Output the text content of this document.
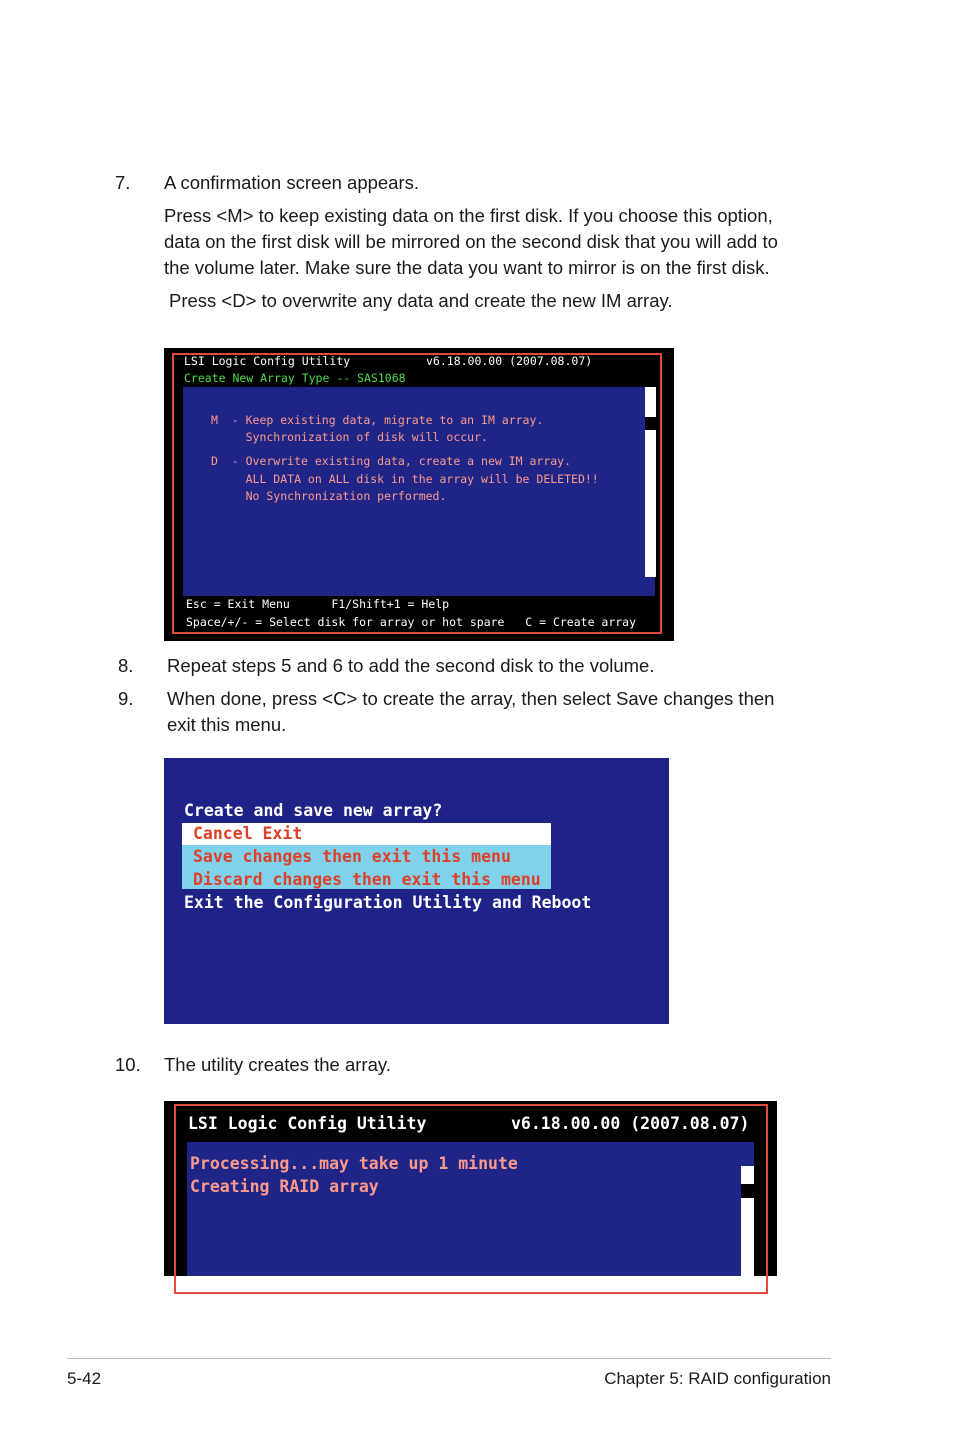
7. A confirmation screen appears.
Press <M> to keep existing data on the first disk. If you choose this option,
data on the first disk will be mirrored on the second disk that you will add to
the volume later. Make sure the data you want to mirror is on the first disk.
Press <D> to overwrite any data and create the new IM array.
LSI Logic Config Utility	v6.18.00.00 (2007.08.07)
Create New Array Type -- SAS1068
M  - Keep existing data, migrate to an IM array.
Synchronization of disk will occur.
D  - Overwrite existing data, create a new IM array.
ALL DATA on ALL disk in the array will be DELETED!!
No Synchronization performed.
Esc = Exit Menu      F1/Shift+1 = Help
Space/+/- = Select disk for array or hot spare   C = Create array
8. Repeat steps 5 and 6 to add the second disk to the volume.
9. When done, press <C> to create the array, then select Save changes then
exit this menu.
Create and save new array?
Cancel Exit
Save changes then exit this menu
Discard changes then exit this menu
Exit the Configuration Utility and Reboot
10. The utility creates the array.
LSI Logic Config Utility	v6.18.00.00 (2007.08.07)
Processing...may take up 1 minute
Creating RAID array
5-42	Chapter 5: RAID configuration
